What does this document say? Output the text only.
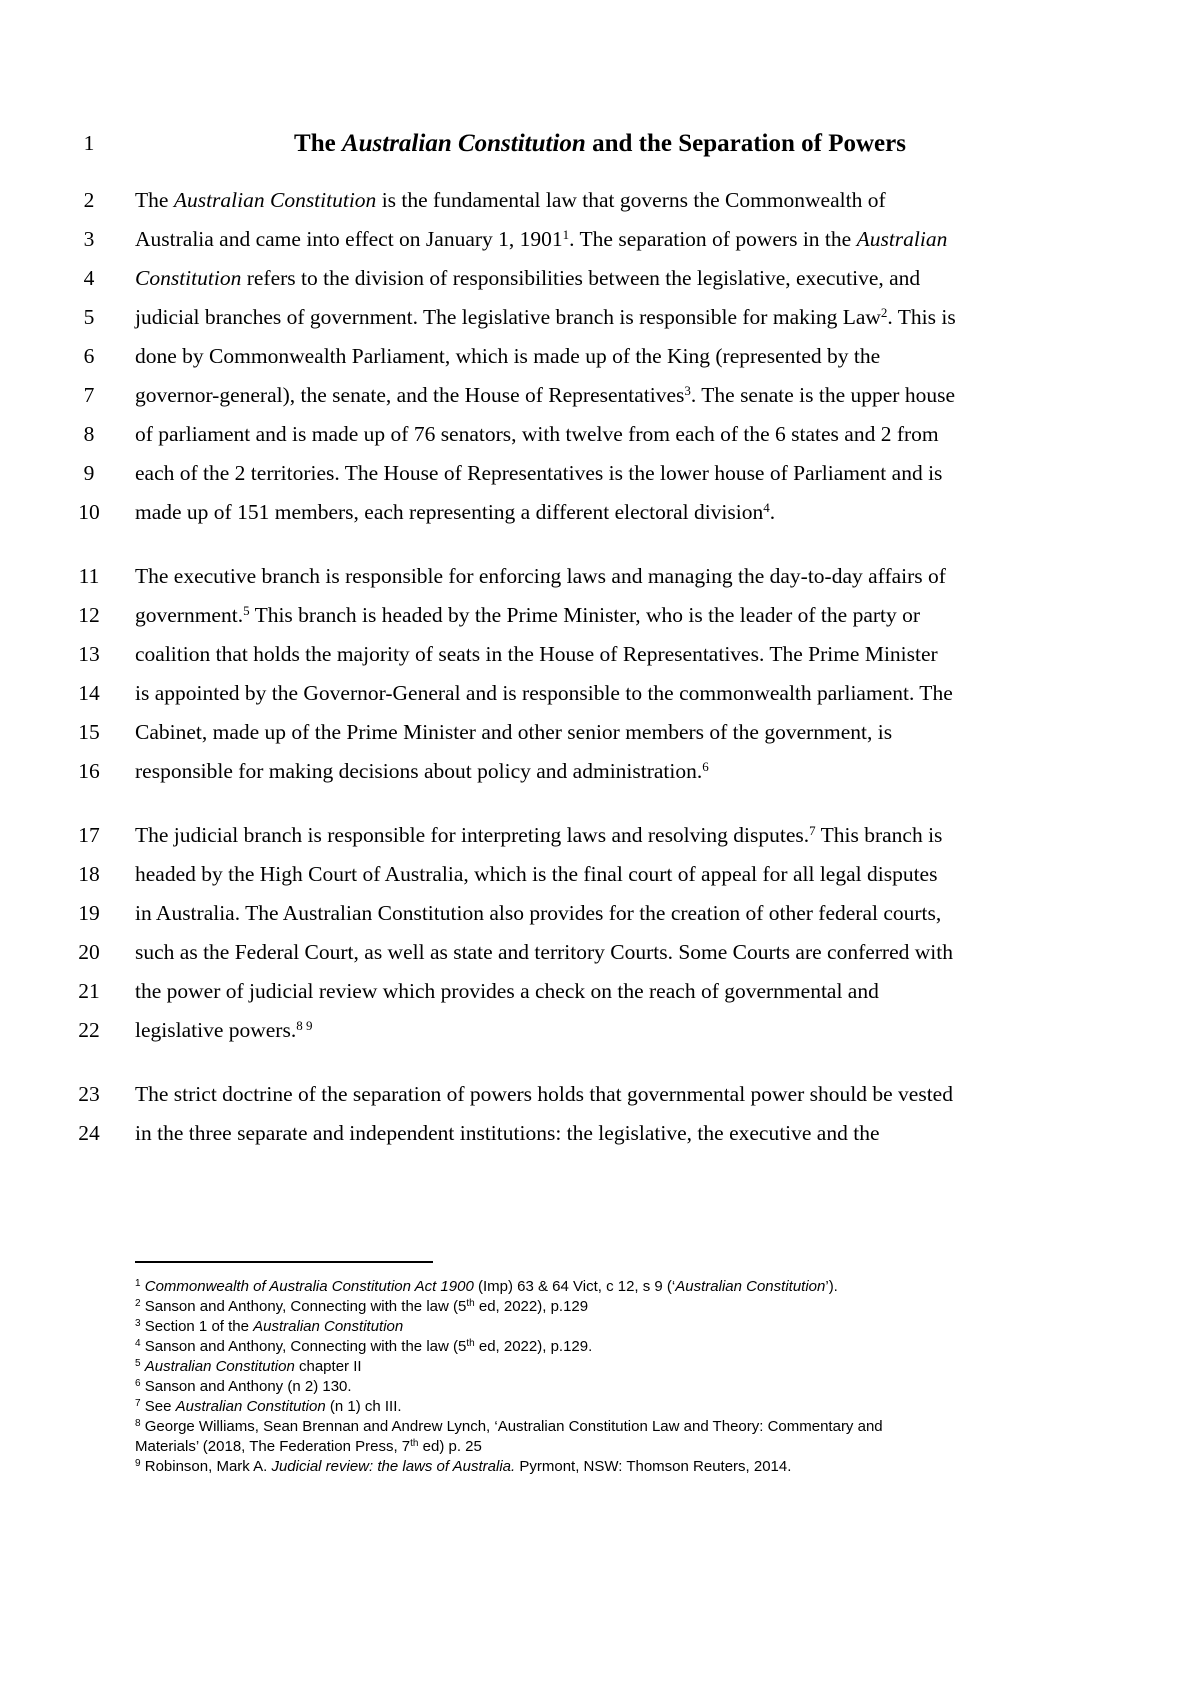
1	The Australian Constitution and the Separation of Powers
2	The Australian Constitution is the fundamental law that governs the Commonwealth of
3	Australia and came into effect on January 1, 1901$^1$. The separation of powers in the Australian
4	Constitution refers to the division of responsibilities between the legislative, executive, and
5	judicial branches of government. The legislative branch is responsible for making Law$^2$. This is
6	done by Commonwealth Parliament, which is made up of the King (represented by the
7	governor-general), the senate, and the House of Representatives$^3$. The senate is the upper house
8	of parliament and is made up of 76 senators, with twelve from each of the 6 states and 2 from
9	each of the 2 territories. The House of Representatives is the lower house of Parliament and is
10 made up of 151 members, each representing a different electoral division$^4$.
11	The executive branch is responsible for enforcing laws and managing the day-to-day affairs of
12 government.$^5$ This branch is headed by the Prime Minister, who is the leader of the party or
13 coalition that holds the majority of seats in the House of Representatives. The Prime Minister
14 is appointed by the Governor-General and is responsible to the commonwealth parliament. The
15 Cabinet, made up of the Prime Minister and other senior members of the government, is
16 responsible for making decisions about policy and administration.$^6$
17 The judicial branch is responsible for interpreting laws and resolving disputes.$^7$ This branch is
18 headed by the High Court of Australia, which is the final court of appeal for all legal disputes
19 in Australia. The Australian Constitution also provides for the creation of other federal courts,
20 such as the Federal Court, as well as state and territory Courts. Some Courts are conferred with
21 the power of judicial review which provides a check on the reach of governmental and
22 legislative powers.$^{8 9}$
23 The strict doctrine of the separation of powers holds that governmental power should be vested
24 in the three separate and independent institutions: the legislative, the executive and the
$^1$ Commonwealth of Australia Constitution Act 1900 (Imp) 63 & 64 Vict, c 12, s 9 (‘Australian Constitution’).
$^2$ Sanson and Anthony, Connecting with the law (5th ed, 2022), p.129
$^3$ Section 1 of the Australian Constitution
$^4$ Sanson and Anthony, Connecting with the law (5th ed, 2022), p.129.
$^5$ Australian Constitution chapter II
$^6$ Sanson and Anthony (n 2) 130.
$^7$ See Australian Constitution (n 1) ch III.
$^8$ George Williams, Sean Brennan and Andrew Lynch, ‘Australian Constitution Law and Theory: Commentary and
Materials’ (2018, The Federation Press, 7th ed) p. 25
$^9$ Robinson, Mark A. Judicial review: the laws of Australia. Pyrmont, NSW: Thomson Reuters, 2014.
